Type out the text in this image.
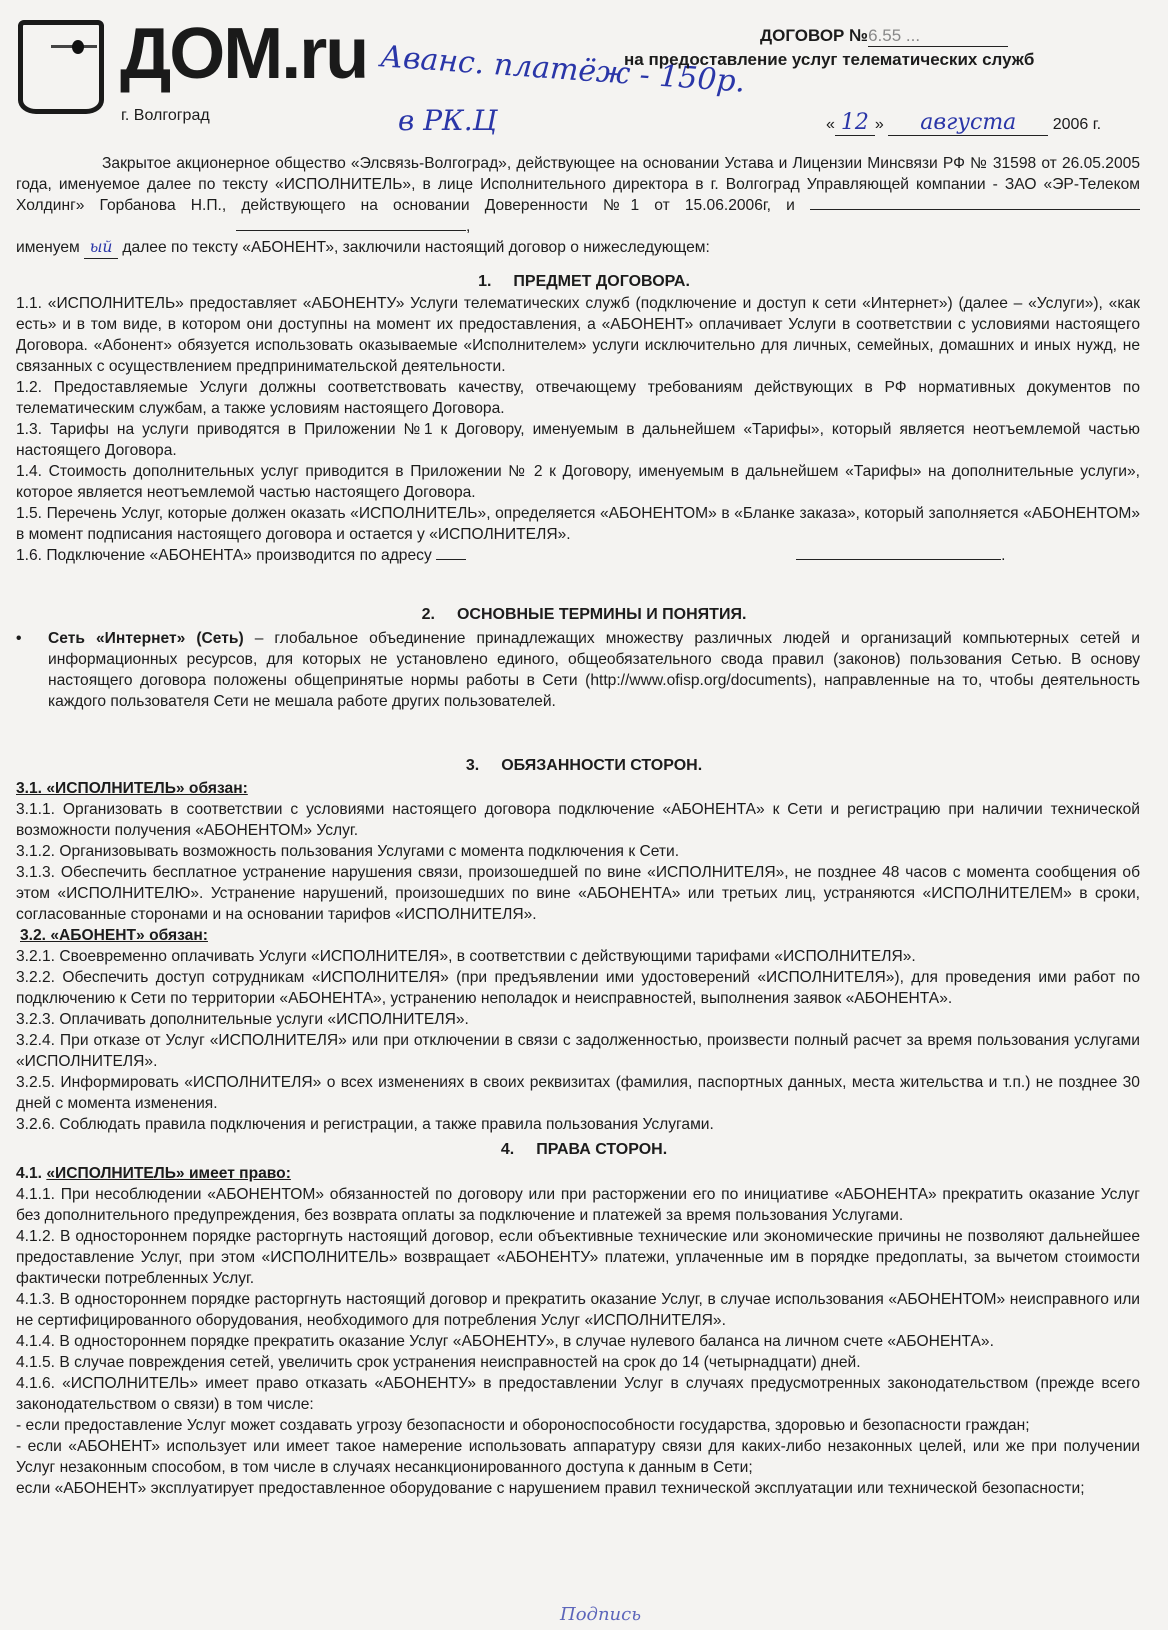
ДОМ.ru Аванс. платёж - 150р.
в РК.Ц
г. Волгоград
ДОГОВОР №6.55 ...
на предоставление услуг телематических служб
« 12 » августа 2006 г.

Закрытое акционерное общество «Элсвязь-Волгоград», действующее на основании Устава и Лицензии Минсвязи РФ № 31598 от 26.05.2005 года, именуемое далее по тексту «ИСПОЛНИТЕЛЬ», в лице Исполнительного директора в г. Волгоград Управляющей компании - ЗАО «ЭР-Телеком Холдинг» Горбанова Н.П., действующего на основании Доверенности №1 от 15.06.2006г, и  ,

именуем ый далее по тексту «АБОНЕНТ», заключили настоящий договор о нижеследующем:

1. ПРЕДМЕТ ДОГОВОРА.

1.1. «ИСПОЛНИТЕЛЬ» предоставляет «АБОНЕНТУ» Услуги телематических служб (подключение и доступ к сети «Интернет») (далее – «Услуги»), «как есть» и в том виде, в котором они доступны на момент их предоставления, а «АБОНЕНТ» оплачивает Услуги в соответствии с условиями настоящего Договора. «Абонент» обязуется использовать оказываемые «Исполнителем» услуги исключительно для личных, семейных, домашних и иных нужд, не связанных с осуществлением предпринимательской деятельности.

1.2. Предоставляемые Услуги должны соответствовать качеству, отвечающему требованиям действующих в РФ нормативных документов по телематическим службам, а также условиям настоящего Договора.

1.3. Тарифы на услуги приводятся в Приложении №1 к Договору, именуемым в дальнейшем «Тарифы», который является неотъемлемой частью настоящего Договора.

1.4. Стоимость дополнительных услуг приводится в Приложении № 2 к Договору, именуемым в дальнейшем «Тарифы» на дополнительные услуги», которое является неотъемлемой частью настоящего Договора.

1.5. Перечень Услуг, которые должен оказать «ИСПОЛНИТЕЛЬ», определяется «АБОНЕНТОМ» в «Бланке заказа», который заполняется «АБОНЕНТОМ» в момент подписания настоящего договора и остается у «ИСПОЛНИТЕЛЯ».

1.6. Подключение «АБОНЕНТА» производится по адресу	.

2. ОСНОВНЫЕ ТЕРМИНЫ И ПОНЯТИЯ.
•	Сеть «Интернет» (Сеть) – глобальное объединение принадлежащих множеству различных людей и организаций компьютерных сетей и информационных ресурсов, для которых не установлено единого, общеобязательного свода правил (законов) пользования Сетью. В основу настоящего договора положены общепринятые нормы работы в Сети (http://www.ofisp.org/documents), направленные на то, чтобы деятельность каждого пользователя Сети не мешала работе других пользователей.
3. ОБЯЗАННОСТИ СТОРОН.

3.1. «ИСПОЛНИТЕЛЬ» обязан:

3.1.1. Организовать в соответствии с условиями настоящего договора подключение «АБОНЕНТА» к Сети и регистрацию при наличии технической возможности получения «АБОНЕНТОМ» Услуг.

3.1.2. Организовывать возможность пользования Услугами с момента подключения к Сети.

3.1.3. Обеспечить бесплатное устранение нарушения связи, произошедшей по вине «ИСПОЛНИТЕЛЯ», не позднее 48 часов с момента сообщения об этом «ИСПОЛНИТЕЛЮ». Устранение нарушений, произошедших по вине «АБОНЕНТА» или третьих лиц, устраняются «ИСПОЛНИТЕЛЕМ» в сроки, согласованные сторонами и на основании тарифов «ИСПОЛНИТЕЛЯ».

3.2. «АБОНЕНТ» обязан:

3.2.1. Своевременно оплачивать Услуги «ИСПОЛНИТЕЛЯ», в соответствии с действующими тарифами «ИСПОЛНИТЕЛЯ».

3.2.2. Обеспечить доступ сотрудникам «ИСПОЛНИТЕЛЯ» (при предъявлении ими удостоверений «ИСПОЛНИТЕЛЯ»), для проведения ими работ по подключению к Сети по территории «АБОНЕНТА», устранению неполадок и неисправностей, выполнения заявок «АБОНЕНТА».

3.2.3. Оплачивать дополнительные услуги «ИСПОЛНИТЕЛЯ».

3.2.4. При отказе от Услуг «ИСПОЛНИТЕЛЯ» или при отключении в связи с задолженностью, произвести полный расчет за время пользования услугами «ИСПОЛНИТЕЛЯ».

3.2.5. Информировать «ИСПОЛНИТЕЛЯ» о всех изменениях в своих реквизитах (фамилия, паспортных данных, места жительства и т.п.) не позднее 30 дней с момента изменения.

3.2.6. Соблюдать правила подключения и регистрации, а также правила пользования Услугами.

4. ПРАВА СТОРОН.

4.1. «ИСПОЛНИТЕЛЬ» имеет право:

4.1.1. При несоблюдении «АБОНЕНТОМ» обязанностей по договору или при расторжении его по инициативе «АБОНЕНТА» прекратить оказание Услуг без дополнительного предупреждения, без возврата оплаты за подключение и платежей за время пользования Услугами.

4.1.2. В одностороннем порядке расторгнуть настоящий договор, если объективные технические или экономические причины не позволяют дальнейшее предоставление Услуг, при этом «ИСПОЛНИТЕЛЬ» возвращает «АБОНЕНТУ» платежи, уплаченные им в порядке предоплаты, за вычетом стоимости фактически потребленных Услуг.

4.1.3. В одностороннем порядке расторгнуть настоящий договор и прекратить оказание Услуг, в случае использования «АБОНЕНТОМ» неисправного или не сертифицированного оборудования, необходимого для потребления Услуг «ИСПОЛНИТЕЛЯ».

4.1.4. В одностороннем порядке прекратить оказание Услуг «АБОНЕНТУ», в случае нулевого баланса на личном счете «АБОНЕНТА».

4.1.5. В случае повреждения сетей, увеличить срок устранения неисправностей на срок до 14 (четырнадцати) дней.

4.1.6. «ИСПОЛНИТЕЛЬ» имеет право отказать «АБОНЕНТУ» в предоставлении Услуг в случаях предусмотренных законодательством (прежде всего законодательством о связи) в том числе:

- если предоставление Услуг может создавать угрозу безопасности и обороноспособности государства, здоровью и безопасности граждан;

- если «АБОНЕНТ» использует или имеет такое намерение использовать аппаратуру связи для каких-либо незаконных целей, или же при получении Услуг незаконным способом, в том числе в случаях несанкционированного доступа к данным в Сети;

если «АБОНЕНТ» эксплуатирует предоставленное оборудование с нарушением правил технической эксплуатации или технической безопасности;

Подпись
